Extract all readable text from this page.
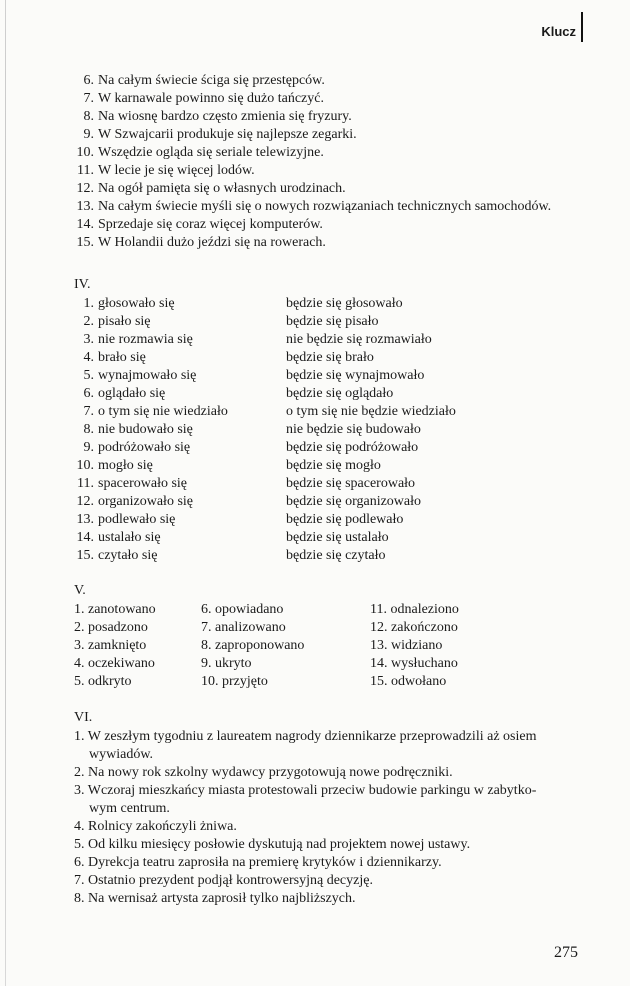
Klucz
6. Na całym świecie ściga się przestępców.
7. W karnawale powinno się dużo tańczyć.
8. Na wiosnę bardzo często zmienia się fryzury.
9. W Szwajcarii produkuje się najlepsze zegarki.
10. Wszędzie ogląda się seriale telewizyjne.
11. W lecie je się więcej lodów.
12. Na ogół pamięta się o własnych urodzinach.
13. Na całym świecie myśli się o nowych rozwiązaniach technicznych samochodów.
14. Sprzedaje się coraz więcej komputerów.
15. W Holandii dużo jeździ się na rowerach.
IV.
1. głosowało się
2. pisało się
3. nie rozmawia się
4. brało się
5. wynajmowało się
6. oglądało się
7. o tym się nie wiedziało
8. nie budowało się
9. podróżowało się
10. mogło się
11. spacerowało się
12. organizowało się
13. podlewało się
14. ustalało się
15. czytało się
będzie się głosowało
będzie się pisało
nie będzie się rozmawiało
będzie się brało
będzie się wynajmowało
będzie się oglądało
o tym się nie będzie wiedziało
nie będzie się budowało
będzie się podróżowało
będzie się mogło
będzie się spacerowało
będzie się organizowało
będzie się podlewało
będzie się ustalało
będzie się czytało
V.
1. zanotowano
2. posadzono
3. zamknięto
4. oczekiwano
5. odkryto
6. opowiadano
7. analizowano
8. zaproponowano
9. ukryto
10. przyjęto
11. odnaleziono
12. zakończono
13. widziano
14. wysłuchano
15. odwołano
VI.
1. W zeszłym tygodniu z laureatem nagrody dziennikarze przeprowadzili aż osiem
wywiadów.
2. Na nowy rok szkolny wydawcy przygotowują nowe podręczniki.
3. Wczoraj mieszkańcy miasta protestowali przeciw budowie parkingu w zabytko-
wym centrum.
4. Rolnicy zakończyli żniwa.
5. Od kilku miesięcy posłowie dyskutują nad projektem nowej ustawy.
6. Dyrekcja teatru zaprosiła na premierę krytyków i dziennikarzy.
7. Ostatnio prezydent podjął kontrowersyjną decyzję.
8. Na wernisaż artysta zaprosił tylko najbliższych.
275
